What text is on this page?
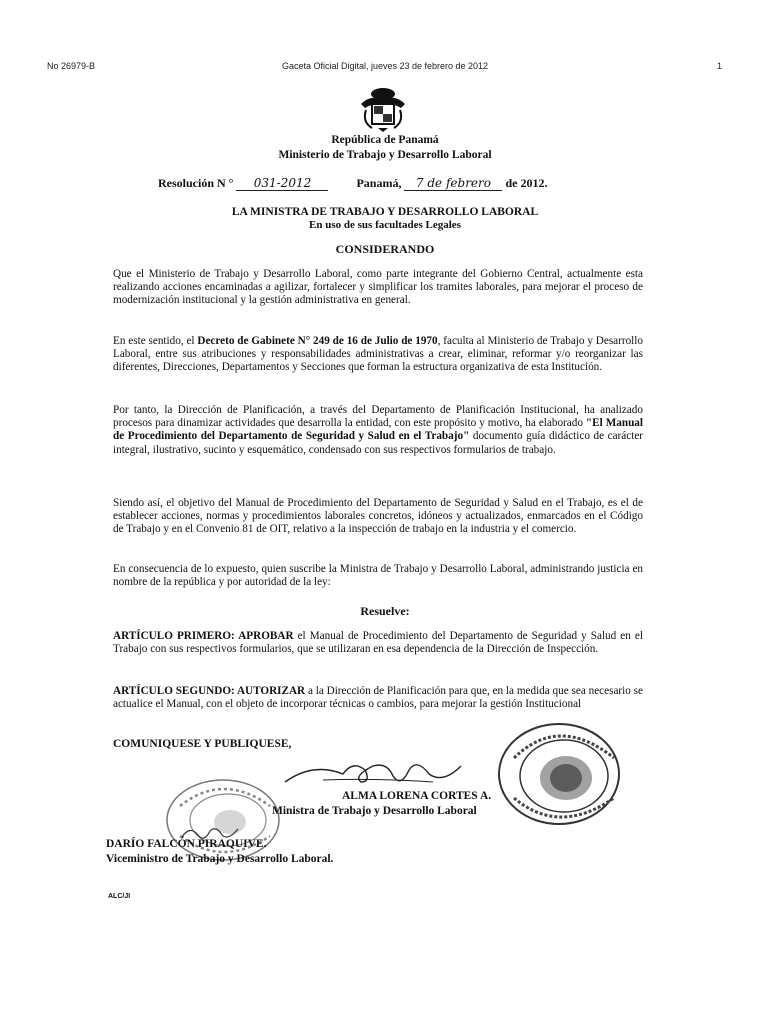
No 26979-B	Gaceta Oficial Digital, jueves 23 de febrero de 2012	1
República de Panamá
Ministerio de Trabajo y Desarrollo Laboral
Resolución N ° 031-2012	Panamá, 7 de febrero de 2012.
LA MINISTRA DE TRABAJO Y DESARROLLO LABORAL
En uso de sus facultades Legales
CONSIDERANDO
Que el Ministerio de Trabajo y Desarrollo Laboral, como parte integrante del Gobierno Central, actualmente esta realizando acciones encaminadas a agilizar, fortalecer y simplificar los tramites laborales, para mejorar el proceso de modernización institucional y la gestión administrativa en general.
En este sentido, el Decreto de Gabinete N° 249 de 16 de Julio de 1970, faculta al Ministerio de Trabajo y Desarrollo Laboral, entre sus atribuciones y responsabilidades administrativas a crear, eliminar, reformar y/o reorganizar las diferentes, Direcciones, Departamentos y Secciones que forman la estructura organizativa de esta Institución.
Por tanto, la Dirección de Planificación, a través del Departamento de Planificación Institucional, ha analizado procesos para dinamizar actividades que desarrolla la entidad, con este propósito y motivo, ha elaborado "El Manual de Procedimiento del Departamento de Seguridad y Salud en el Trabajo" documento guía didáctico de carácter integral, ilustrativo, sucinto y esquemático, condensado con sus respectivos formularios de trabajo.
Siendo así, el objetivo del Manual de Procedimiento del Departamento de Seguridad y Salud en el Trabajo, es el de establecer acciones, normas y procedimientos laborales concretos, idóneos y actualizados, enmarcados en el Código de Trabajo y en el Convenio 81 de OIT, relativo a la inspección de trabajo en la industria y el comercio.
En consecuencia de lo expuesto, quien suscribe la Ministra de Trabajo y Desarrollo Laboral, administrando justicia en nombre de la república y por autoridad de la ley:
Resuelve:
ARTÍCULO PRIMERO: APROBAR el Manual de Procedimiento del Departamento de Seguridad y Salud en el Trabajo con sus respectivos formularios, que se utilizaran en esa dependencia de la Dirección de Inspección.
ARTÍCULO SEGUNDO: AUTORIZAR a la Dirección de Planificación para que, en la medida que sea necesario se actualice el Manual, con el objeto de incorporar técnicas o cambios, para mejorar la gestión Institucional
COMUNIQUESE Y PUBLIQUESE,
ALMA LORENA CORTES A.
Ministra de Trabajo y Desarrollo Laboral
DARÍO FALCÓN PIRAQUIVE.
Viceministro de Trabajo y Desarrollo Laboral.
ALC/JI
